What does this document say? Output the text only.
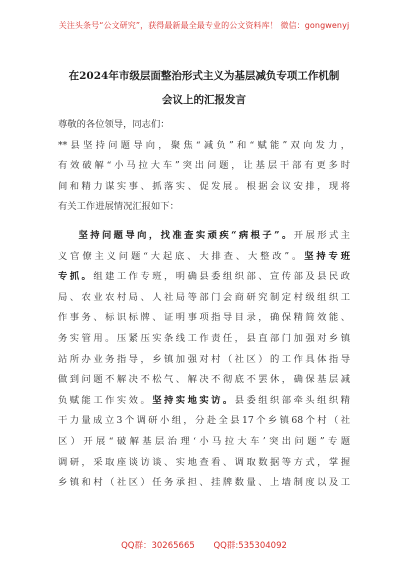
关注头条号“公文研究”，获得最新最全最专业的公文资料库！ 微信：gongwenyj
在2024年市级层面整治形式主义为基层减负专项工作机制
会议上的汇报发言
尊敬的各位领导，同志们：
**县坚持问题导向，聚焦“减负”和“赋能”双向发力，
有效破解“小马拉大车”突出问题，让基层干部有更多时
间和精力谋实事、抓落实、促发展。根据会议安排，现将
有关工作进展情况汇报如下：
坚持问题导向，找准查实顽疾“病根子”。开展形式主
义官僚主义问题“大起底、大排查、大整改”。坚持专班
专抓。组建工作专班，明确县委组织部、宣传部及县民政
局、农业农村局、人社局等部门会商研究制定村级组织工
作事务、标识标牌、证明事项指导目录，确保精简效能、
务实管用。压紧压实条线工作责任，县直部门加强对乡镇
站所办业务指导，乡镇加强对村（社区）的工作具体指导
做到问题不解决不松气、解决不彻底不罢休，确保基层减
负赋能工作实效。坚持实地实访。县委组织部牵头组织精
干力量成立3个调研小组，分赴全县17个乡镇68个村（社
区）开展“破解基层治理‘小马拉大车’突出问题”专题
调研，采取座谈访谈、实地查看、调取数据等方式，掌握
乡镇和村（社区）任务承担、挂牌数量、上墙制度以及工
QQ群：30265665 QQ群:535304092
